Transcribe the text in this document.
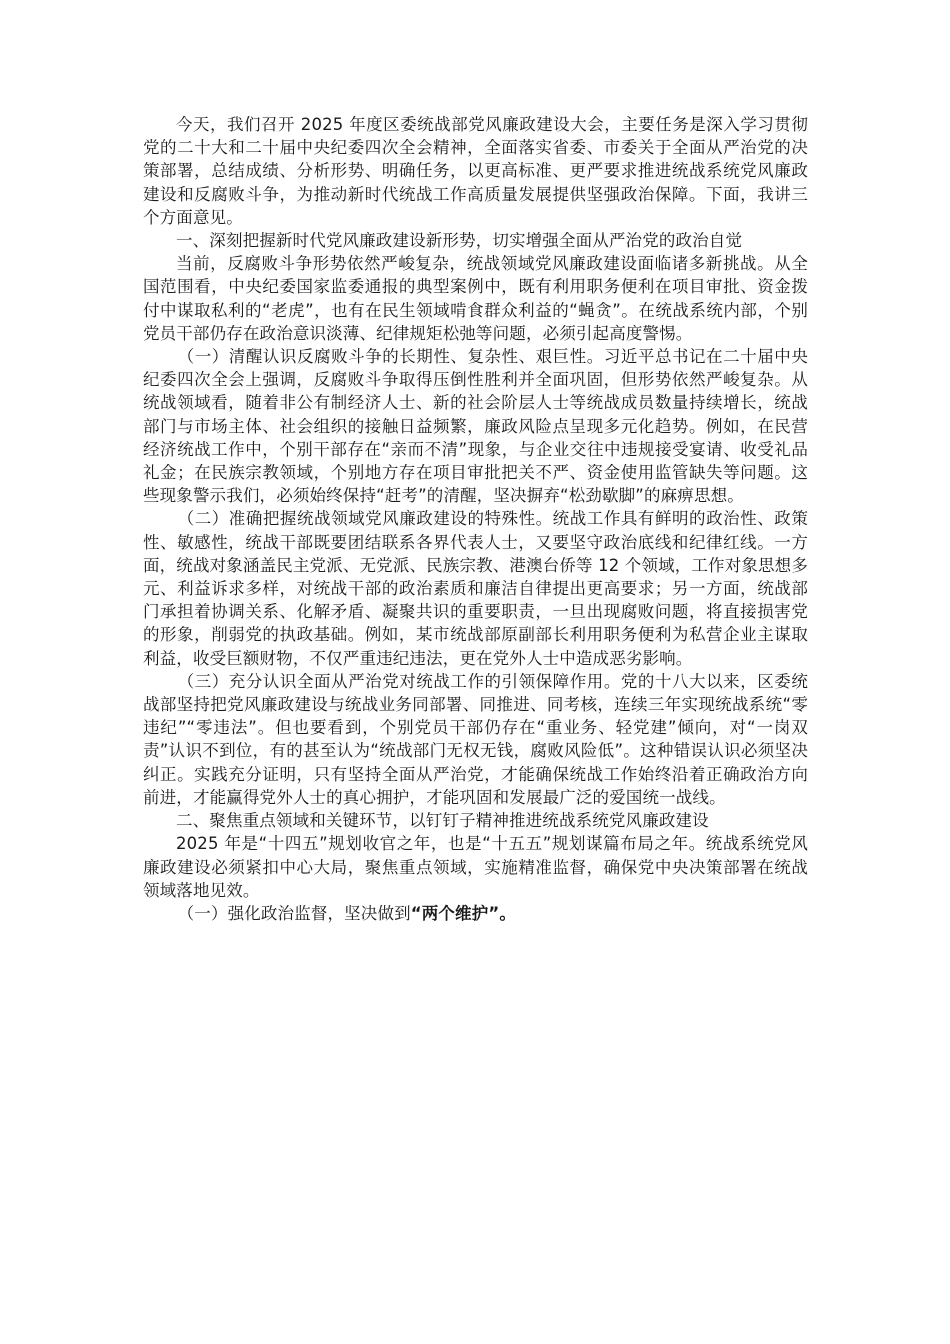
今天，我们召开 2025 年度区委统战部党风廉政建设大会，主要任务是深入学习贯彻党的二十大和二十届中央纪委四次全会精神，全面落实省委、市委关于全面从严治党的决策部署，总结成绩、分析形势、明确任务，以更高标准、更严要求推进统战系统党风廉政建设和反腐败斗争，为推动新时代统战工作高质量发展提供坚强政治保障。下面，我讲三个方面意见。

一、深刻把握新时代党风廉政建设新形势，切实增强全面从严治党的政治自觉

当前，反腐败斗争形势依然严峻复杂，统战领域党风廉政建设面临诸多新挑战。从全国范围看，中央纪委国家监委通报的典型案例中，既有利用职务便利在项目审批、资金拨付中谋取私利的“老虎”，也有在民生领域啃食群众利益的“蝇贪”。在统战系统内部，个别党员干部仍存在政治意识淡薄、纪律规矩松弛等问题，必须引起高度警惕。

（一）清醒认识反腐败斗争的长期性、复杂性、艰巨性。习近平总书记在二十届中央纪委四次全会上强调，反腐败斗争取得压倒性胜利并全面巩固，但形势依然严峻复杂。从统战领域看，随着非公有制经济人士、新的社会阶层人士等统战成员数量持续增长，统战部门与市场主体、社会组织的接触日益频繁，廉政风险点呈现多元化趋势。例如，在民营经济统战工作中，个别干部存在“亲而不清”现象，与企业交往中违规接受宴请、收受礼品礼金；在民族宗教领域，个别地方存在项目审批把关不严、资金使用监管缺失等问题。这些现象警示我们，必须始终保持“赶考”的清醒，坚决摒弃“松劲歇脚”的麻痹思想。

（二）准确把握统战领域党风廉政建设的特殊性。统战工作具有鲜明的政治性、政策性、敏感性，统战干部既要团结联系各界代表人士，又要坚守政治底线和纪律红线。一方面，统战对象涵盖民主党派、无党派、民族宗教、港澳台侨等 12 个领域，工作对象思想多元、利益诉求多样，对统战干部的政治素质和廉洁自律提出更高要求；另一方面，统战部门承担着协调关系、化解矛盾、凝聚共识的重要职责，一旦出现腐败问题，将直接损害党的形象，削弱党的执政基础。例如，某市统战部原副部长利用职务便利为私营企业主谋取利益，收受巨额财物，不仅严重违纪违法，更在党外人士中造成恶劣影响。

（三）充分认识全面从严治党对统战工作的引领保障作用。党的十八大以来，区委统战部坚持把党风廉政建设与统战业务同部署、同推进、同考核，连续三年实现统战系统“零违纪”“零违法”。但也要看到，个别党员干部仍存在“重业务、轻党建”倾向，对“一岗双责”认识不到位，有的甚至认为“统战部门无权无钱，腐败风险低”。这种错误认识必须坚决纠正。实践充分证明，只有坚持全面从严治党，才能确保统战工作始终沿着正确政治方向前进，才能赢得党外人士的真心拥护，才能巩固和发展最广泛的爱国统一战线。

二、聚焦重点领域和关键环节，以钉钉子精神推进统战系统党风廉政建设

2025 年是“十四五”规划收官之年，也是“十五五”规划谋篇布局之年。统战系统党风廉政建设必须紧扣中心大局，聚焦重点领域，实施精准监督，确保党中央决策部署在统战领域落地见效。

（一）强化政治监督，坚决做到“两个维护”。
